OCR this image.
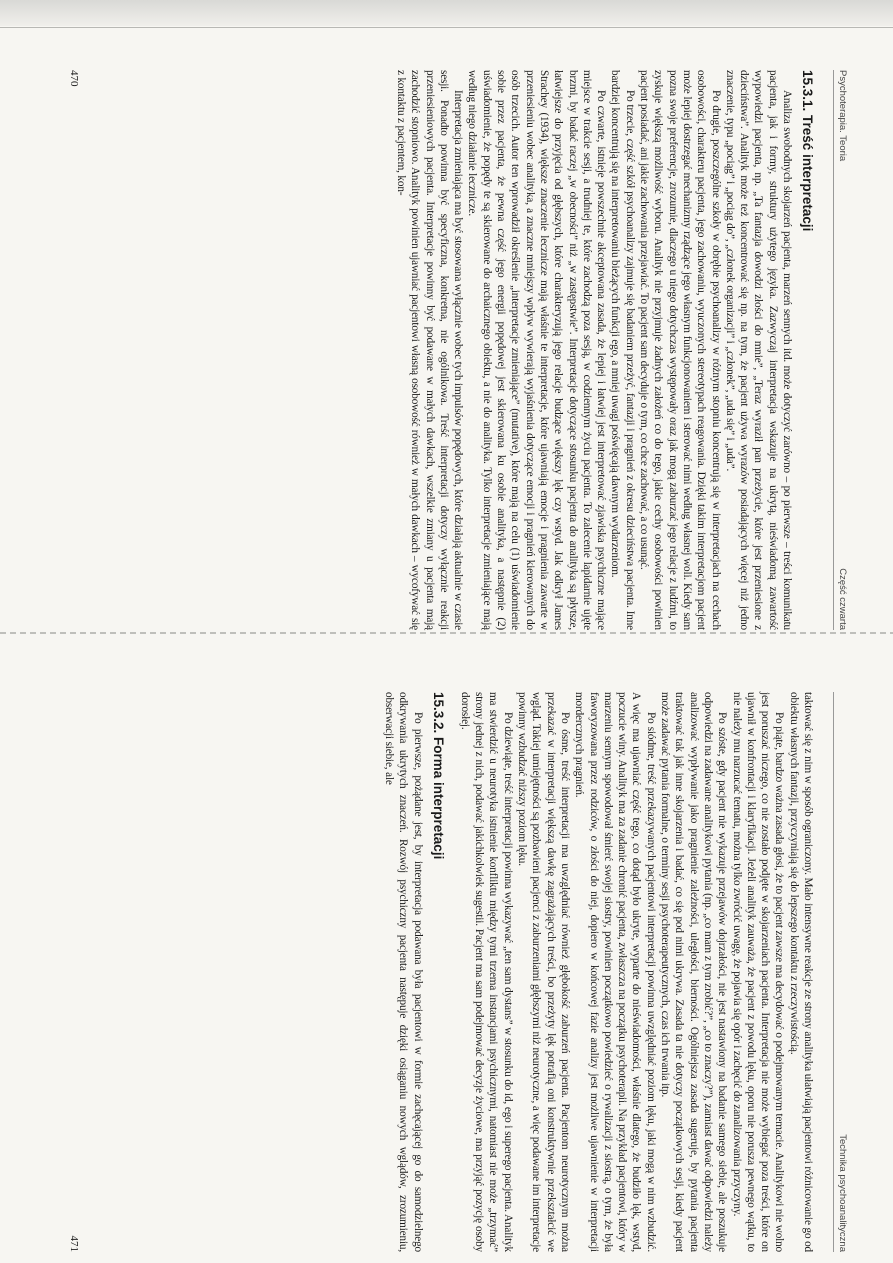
Psychoterapia. Teoria
Część czwarta
15.3.1. Treść interpretacji

Analiza swobodnych skojarzeń pacjenta, marzeń sennych itd. może dotyczyć zarówno – po pierwsze – treści komunikatu pacjenta, jak i formy, struktury użytego języka. Zazwyczaj interpretacja wskazuje na ukrytą, nieświadomą zawartość wypowiedzi pacjenta, np. „Ta fantazja dowodzi złości do mnie”, „Teraz wyraził pan przeżycie, które jest przeniesione z dzieciństwa”. Analityk może też koncentrować się np. na tym, że pacjent używa wyrazów posiadających więcej niż jedno znaczenie, typu „pociąg” i „pociąg do”, „członek organizacji” i „członek”, „uda się” i „uda”.

Po drugie, poszczególne szkoły w obrębie psychoanalizy w różnym stopniu koncentrują się w interpretacjach na cechach osobowości, charakteru pacjenta, jego zachowaniu, wyuczonych stereotypach reagowania. Dzięki takim interpretacjom pacjent może lepiej dostrzegać mechanizmy rządzące jego własnym funkcjonowaniem i sterować nimi według własnej woli. Kiedy sam pozna swoje preferencje, zrozumie, dlaczego u niego dotychczas występowały oraz jak mogą zaburzać jego relacje z ludźmi, to zyskuje większą możliwość wyboru. Analityk nie przyjmuje żadnych założeń co do tego, jakie cechy osobowości powinien pacjent posiadać, ani jakie zachowania przejawiać. To pacjent sam decyduje o tym, co chce zachować, a co usunąć.

Po trzecie, część szkół psychoanalizy zajmuje się badaniem przeżyć, fantazji i pragnień z okresu dzieciństwa pacjenta. Inne bardziej koncentrują się na interpretowaniu bieżących funkcji ego, a mniej uwagi poświęcają dawnym wydarzeniom.

Po czwarte, istnieje powszechnie akceptowana zasada, że lepiej i łatwiej jest interpretować zjawiska psychiczne mające miejsce w trakcie sesji, a trudniej te, które zachodzą poza sesją, w codziennym życiu pacjenta. To zalecenie lapidarnie ujęte brzmi, by badać raczej „w obecności” niż „w zastępstwie”. Interpretacje dotyczące stosunku pacjenta do analityka są płytsze, łatwiejsze do przyjęcia od głębszych, które charakteryzują jego relacje budzące większy lęk czy wstyd. Jak odkrył James Strachey (1934), większe znaczenie lecznicze mają właśnie te interpretacje, które ujawniają emocje i pragnienia zawarte w przeniesieniu wobec analityka, a znaczne mniejszy wpływ wywierają wyjaśnienia dotyczące emocji i pragnień kierowanych do osób trzecich. Autor ten wprowadził określenie „interpretacje zmieniające” (mutative), które mają na celu (1) uświadomienie sobie przez pacjenta, że pewna część jego energii popędowej jest skierowana ku osobie analityka, a następnie (2) uświadomienie, że popędy te są skierowane do archaicznego obiektu, a nie do analityka. Tylko interpretacje zmieniające mają według niego działanie lecznicze.

Interpretacja zmieniająca ma być stosowana wyłącznie wobec tych impulsów popędowych, które działają aktualnie w czasie sesji. Ponadto powinna być specyficzna, konkretna, nie ogólnikowa. Treść interpretacji dotyczy wyłącznie reakcji przeniesieniowych pacjenta. Interpretacje powinny być podawane w małych dawkach, wszelkie zmiany u pacjenta mają zachodzić stopniowo. Analityk powinien ujawniać pacjentowi własną osobowość również w małych dawkach – wycofywać się z kontaktu z pacjentem, kon-

470
Technika psychoanalityczna

taktować się z nim w sposób ograniczony. Mało intensywne reakcje ze strony analityka ułatwiają pacjentowi różnicowanie go od obiektu własnych fantazji, przyczyniają się do lepszego kontaktu z rzeczywistością.

Po piąte, bardzo ważna zasada głosi, że to pacjent zawsze ma decydować o podejmowanym temacie. Analitykowi nie wolno jest poruszać niczego, co nie zostało podjęte w skojarzeniach pacjenta. Interpretacja nie może wybiegać poza treści, które on ujawnił w konfrontacji i klaryfikacji. Jeżeli analityk zauważa, że pacjent z powodu lęku, oporu nie porusza pewnego wątku, to nie należy mu narzucać tematu, można tylko zwrócić uwagę, że pojawia się opór i zachęcić do zanalizowania przyczyny.

Po szóste, gdy pacjent nie wykazuje przejawów dojrzałości, nie jest nastawiony na badanie samego siebie, ale poszukuje odpowiedzi na zadawane analitykowi pytania (np. „co mam z tym zrobić?”, „co to znaczy?”), zamiast dawać odpowiedzi należy analizować wypływanie jako pragnienie zależności, uległości, bierności. Ogólniejsza zasada sugeruje, by pytania pacjenta traktować tak jak inne skojarzenia i badać, co się pod nimi ukrywa. Zasada ta nie dotyczy początkowych sesji, kiedy pacjent może zadawać pytania formalne, o terminy sesji psychoterapeutycznych, czas ich trwania itp.

Po siódme, treść przekazywanych pacjentowi interpretacji powinna uwzględniać poziom lęku, jaki mogą w nim wzbudzić. A więc ma ujawniać część tego, co dotąd było ukryte, wyparte do nieświadomości, właśnie dlatego, że budziło lęk, wstyd, poczucie winy. Analityk ma za zadanie chronić pacjenta, zwłaszcza na początku psychoterapii. Na przykład pacjentowi, który w marzeniu sennym spowodował śmierć swojej siostry, powinien początkowo powiedzieć o rywalizacji z siostrą, o tym, że była faworyzowana przez rodziców, o złości do niej, dopiero w końcowej fazie analizy jest możliwe ujawnienie w interpretacji mordercznych pragnień.

Po ósme, treść interpretacji ma uwzględniać również głębokość zaburzeń pacjenta. Pacjentom neurotycznym można przekazać w interpretacji większą dawkę zagrażających treści, bo przeżyty lęk potrafią oni konstruktywnie przekształcić we wgląd. Takiej umiejętności są pozbawieni pacjenci z zaburzeniami głębszymi niż neurotyczne, a więc podawane im interpretacje powinny wzbudzać niższy poziom lęku.

Po dziewiąte, treść interpretacji powinna wykazywać „ten sam dystans” w stosunku do id, ego i superego pacjenta. Analityk ma stwierdzić u neurotyka istnienie konfliktu między tymi trzema instancjami psychicznymi, natomiast nie może „trzymać” strony jednej z nich, podawać jakichkolwiek sugestii. Pacjent ma sam podejmować decyzje życiowe, ma przyjąć pozycję osoby dorosłej.

15.3.2. Forma interpretacji

Po pierwsze, pożądane jest, by interpretacja podawana była pacjentowi w formie zachęcającej go do samodzielnego odkrywania ukrytych znaczeń. Rozwój psychiczny pacjenta następuje dzięki osiąganiu nowych wglądów, zrozumieniu, obserwacji siebie, ale

471
